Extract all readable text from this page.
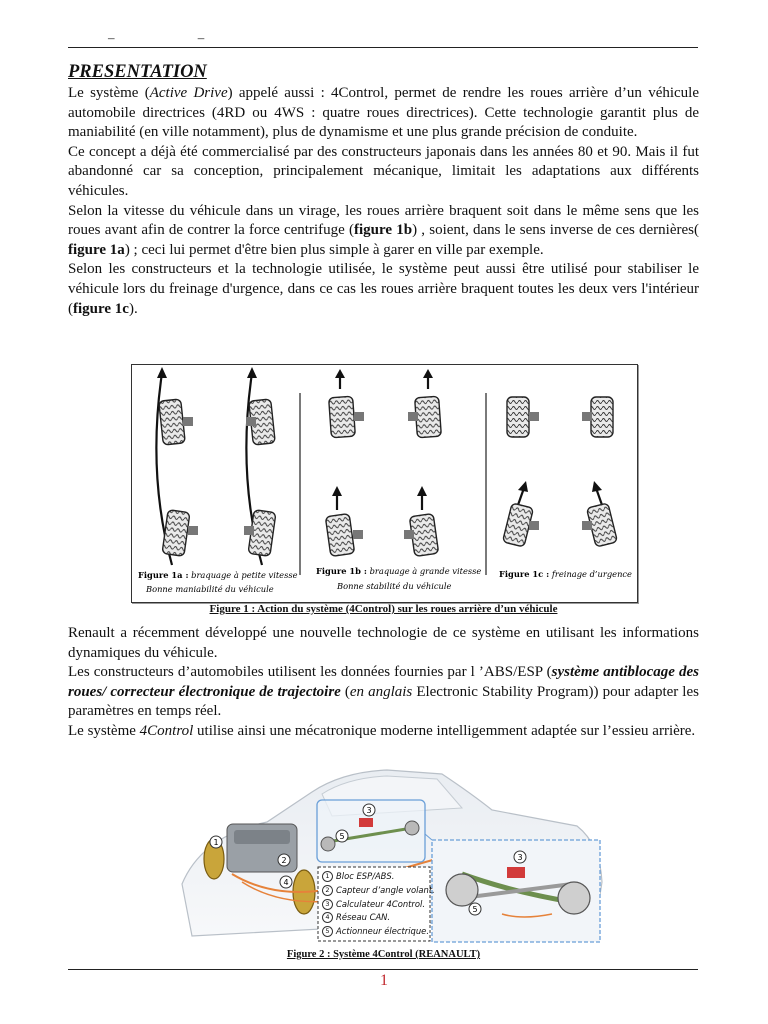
– –
PRESENTATION

Le système (Active Drive) appelé aussi : 4Control, permet de rendre les roues arrière d’un véhicule automobile directrices (4RD ou 4WS : quatre roues directrices). Cette technologie garantit plus de maniabilité (en ville notamment), plus de dynamisme et une plus grande précision de conduite.

Ce concept a déjà été commercialisé par des constructeurs japonais dans les années 80 et 90. Mais il fut abandonné car sa conception, principalement mécanique, limitait les adaptations aux différents véhicules.

Selon la vitesse du véhicule dans un virage, les roues arrière braquent soit dans le même sens que les roues avant afin de contrer la force centrifuge (figure 1b) , soient, dans le sens inverse de ces dernières( figure 1a) ; ceci lui permet d'être bien plus simple à garer en ville par exemple.

Selon les constructeurs et la technologie utilisée, le système peut aussi être utilisé pour stabiliser le véhicule lors du freinage d'urgence, dans ce cas les roues arrière braquent toutes les deux vers l'intérieur (figure 1c).

Figure 1a : braquage à petite vitesse
Bonne maniabilité du véhicule
Figure 1b : braquage à grande vitesse
Bonne stabilité du véhicule
Figure 1c : freinage d’urgence
Figure 1 : Action du système (4Control) sur les roues arrière d’un véhicule

Renault a récemment développé une nouvelle technologie de ce système en utilisant les informations dynamiques du véhicule.

Les constructeurs d’automobiles utilisent les données fournies par l ’ABS/ESP (système antiblocage des roues/ correcteur électronique de trajectoire (en anglais Electronic Stability Program)) pour adapter les paramètres en temps réel.

Le système 4Control utilise ainsi une mécatronique moderne intelligemment adaptée sur l’essieu arrière.

1
2
4
3
5
3
5
1 Bloc ESP/ABS.
2 Capteur d’angle volant.
3 Calculateur 4Control.
4 Réseau CAN.
5 Actionneur électrique.
Figure 2 : Système 4Control (REANAULT)
1
